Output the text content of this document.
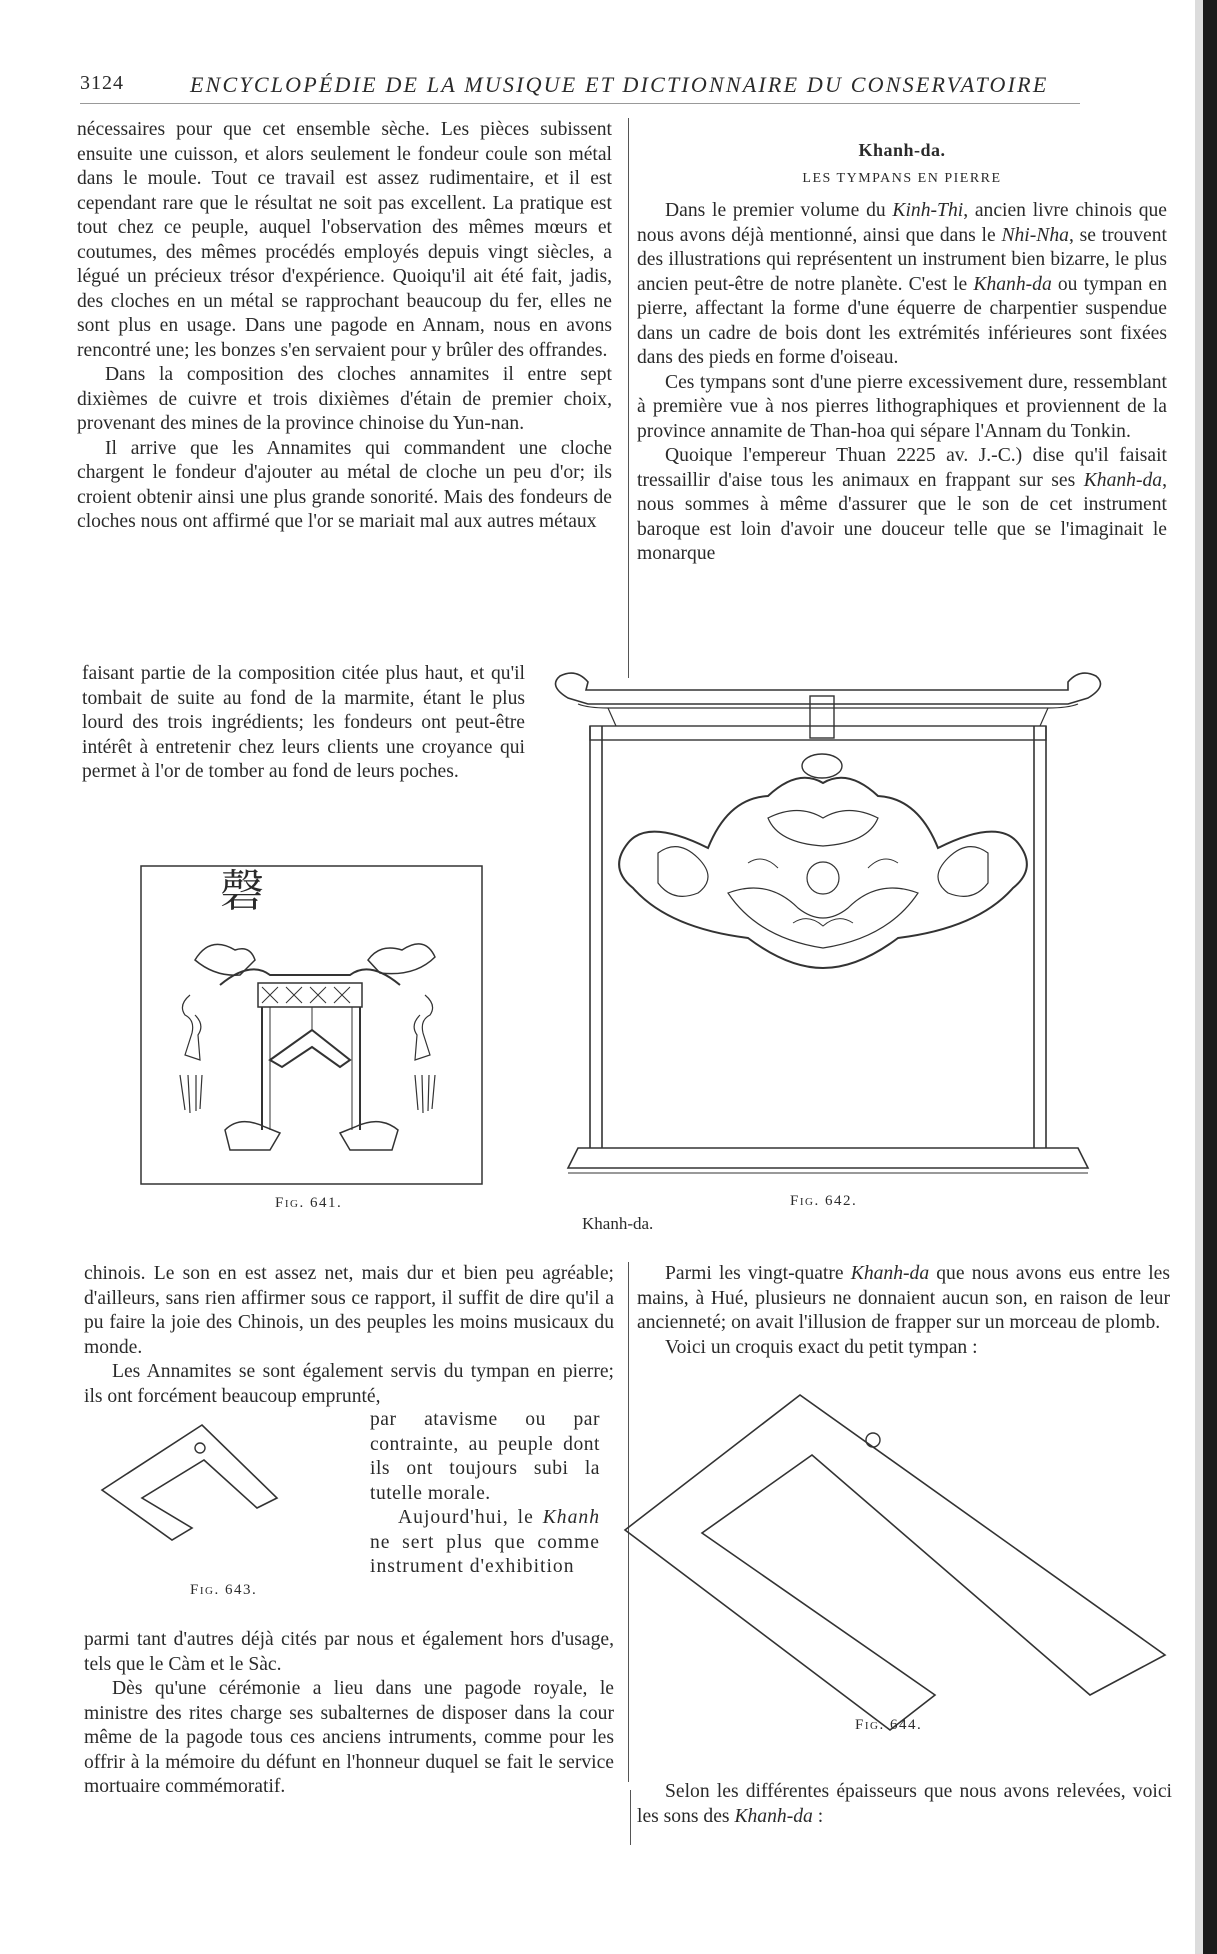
3124	ENCYCLOPÉDIE DE LA MUSIQUE ET DICTIONNAIRE DU CONSERVATOIRE

nécessaires pour que cet ensemble sèche. Les pièces subissent ensuite une cuisson, et alors seulement le fondeur coule son métal dans le moule. Tout ce travail est assez rudimentaire, et il est cependant rare que le résultat ne soit pas excellent. La pratique est tout chez ce peuple, auquel l'observation des mêmes mœurs et coutumes, des mêmes procédés employés depuis vingt siècles, a légué un précieux trésor d'expérience. Quoiqu'il ait été fait, jadis, des cloches en un métal se rapprochant beaucoup du fer, elles ne sont plus en usage. Dans une pagode en Annam, nous en avons rencontré une; les bonzes s'en servaient pour y brûler des offrandes.

Dans la composition des cloches annamites il entre sept dixièmes de cuivre et trois dixièmes d'étain de premier choix, provenant des mines de la province chinoise du Yun-nan.

Il arrive que les Annamites qui commandent une cloche chargent le fondeur d'ajouter au métal de cloche un peu d'or; ils croient obtenir ainsi une plus grande sonorité. Mais des fondeurs de cloches nous ont affirmé que l'or se mariait mal aux autres métaux

faisant partie de la composition citée plus haut, et qu'il tombait de suite au fond de la marmite, étant le plus lourd des trois ingrédients; les fondeurs ont peut-être intérêt à entretenir chez leurs clients une croyance qui permet à l'or de tomber au fond de leurs poches.

Khanh-da.
LES TYMPANS EN PIERRE

Dans le premier volume du Kinh-Thi, ancien livre chinois que nous avons déjà mentionné, ainsi que dans le Nhi-Nha, se trouvent des illustrations qui représentent un instrument bien bizarre, le plus ancien peut-être de notre planète. C'est le Khanh-da ou tympan en pierre, affectant la forme d'une équerre de charpentier suspendue dans un cadre de bois dont les extrémités inférieures sont fixées dans des pieds en forme d'oiseau.

Ces tympans sont d'une pierre excessivement dure, ressemblant à première vue à nos pierres lithographiques et proviennent de la province annamite de Than-hoa qui sépare l'Annam du Tonkin.

Quoique l'empereur Thuan 2225 av. J.-C.) dise qu'il faisait tressaillir d'aise tous les animaux en frappant sur ses Khanh-da, nous sommes à même d'assurer que le son de cet instrument baroque est loin d'avoir une douceur telle que se l'imaginait le monarque

磬
Fig. 641.	Fig. 642.
Khanh-da.

chinois. Le son en est assez net, mais dur et bien peu agréable; d'ailleurs, sans rien affirmer sous ce rapport, il suffit de dire qu'il a pu faire la joie des Chinois, un des peuples les moins musicaux du monde.

Les Annamites se sont également servis du tympan en pierre; ils ont forcément beaucoup emprunté,

par atavisme ou par contrainte, au peuple dont ils ont toujours subi la tutelle morale.

Aujourd'hui, le Khanh ne sert plus que comme instrument d'exhibition

Fig. 643.

parmi tant d'autres déjà cités par nous et également hors d'usage, tels que le Càm et le Sàc.

Dès qu'une cérémonie a lieu dans une pagode royale, le ministre des rites charge ses subalternes de disposer dans la cour même de la pagode tous ces anciens intruments, comme pour les offrir à la mémoire du défunt en l'honneur duquel se fait le service mortuaire commémoratif.

Parmi les vingt-quatre Khanh-da que nous avons eus entre les mains, à Hué, plusieurs ne donnaient aucun son, en raison de leur ancienneté; on avait l'illusion de frapper sur un morceau de plomb.

Voici un croquis exact du petit tympan :

Fig. 644.

Selon les différentes épaisseurs que nous avons relevées, voici les sons des Khanh-da :
